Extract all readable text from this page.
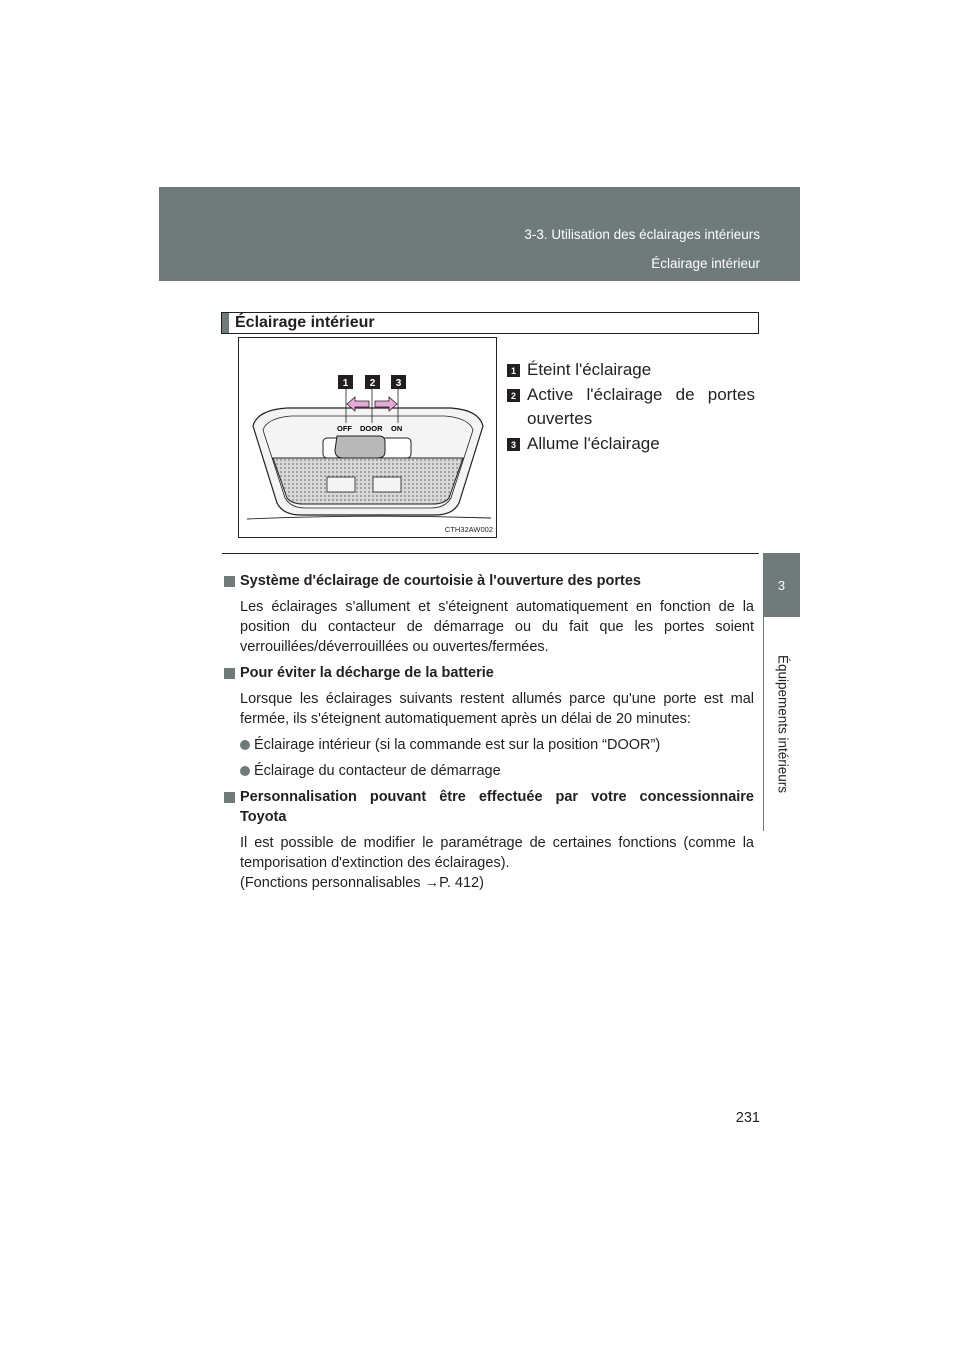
3-3. Utilisation des éclairages intérieurs
Éclairage intérieur
3
Équipements intérieurs
Éclairage intérieur
OFF DOOR ON
1 2 3
CTH32AW002
1 Éteint l'éclairage
2 Active l'éclairage de portes
ouvertes
3 Allume l'éclairage
Système d'éclairage de courtoisie à l'ouverture des portes
Les éclairages s'allument et s'éteignent automatiquement en fonction de la position du contacteur de démarrage ou du fait que les portes soient verrouillées/déverrouillées ou ouvertes/fermées.
Pour éviter la décharge de la batterie
Lorsque les éclairages suivants restent allumés parce qu'une porte est mal fermée, ils s'éteignent automatiquement après un délai de 20 minutes:
Éclairage intérieur (si la commande est sur la position “DOOR”)
Éclairage du contacteur de démarrage
Personnalisation pouvant être effectuée par votre concessionnaire
Toyota
Il est possible de modifier le paramétrage de certaines fonctions (comme la temporisation d'extinction des éclairages).
(Fonctions personnalisables →P. 412)
231
